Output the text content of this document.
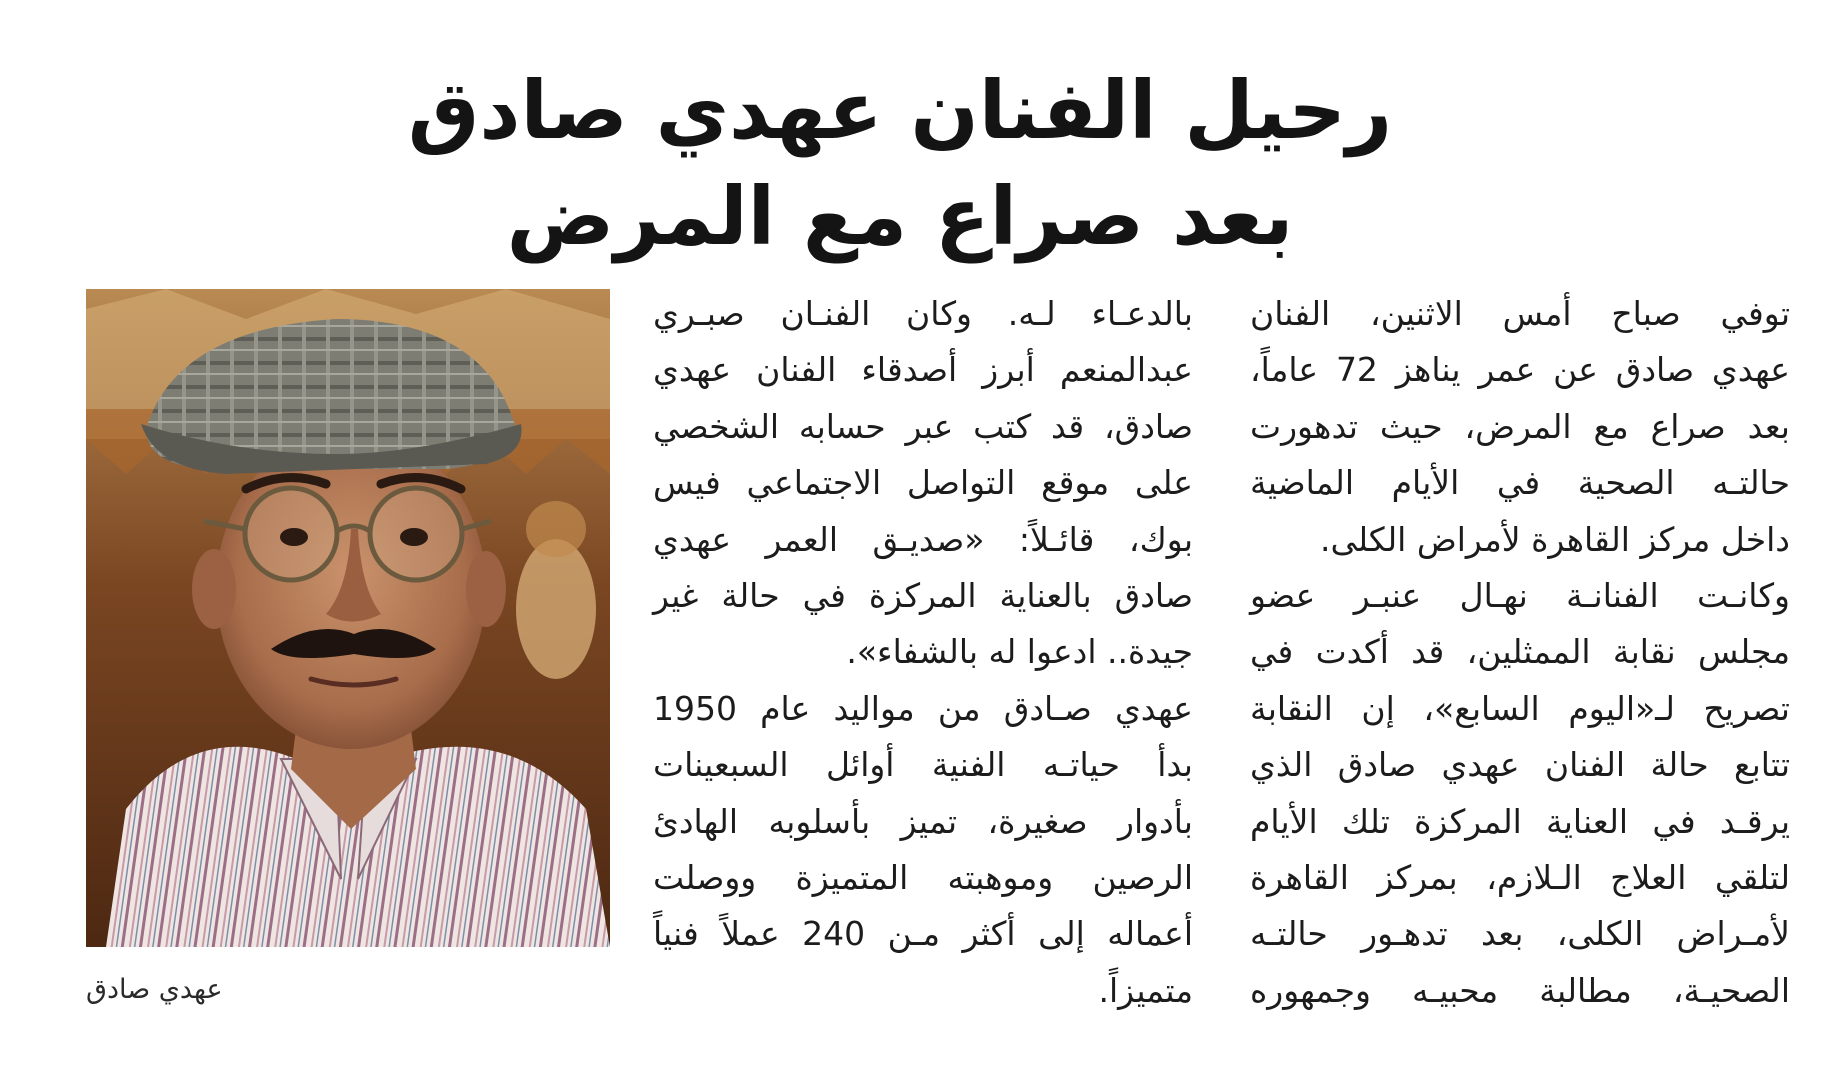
رحيل الفنان عهدي صادق
بعد صراع مع المرض
توفي صباح أمس الاثنين، الفنان
عهدي صادق عن عمر يناهز 72 عاماً،
بعد صراع مع المرض، حيث تدهورت
حالتـه الصحية في الأيام الماضية
داخل مركز القاهرة لأمراض الكلى.
وكانـت الفنانـة نهـال عنبـر عضو
مجلس نقابة الممثلين، قد أكدت في
تصريح لـ«اليوم السابع»، إن النقابة
تتابع حالة الفنان عهدي صادق الذي
يرقـد في العناية المركزة تلك الأيام
لتلقي العلاج الـلازم، بمركز القاهرة
لأمـراض الكلى، بعد تدهـور حالتـه
الصحيـة، مطالبة محبيـه وجمهوره
بالدعـاء لـه. وكان الفنـان صبـري
عبدالمنعم أبرز أصدقاء الفنان عهدي
صادق، قد كتب عبر حسابه الشخصي
على موقع التواصل الاجتماعي فيس
بوك، قائـلاً: «صديـق العمر عهدي
صادق بالعناية المركزة في حالة غير
جيدة.. ادعوا له بالشفاء».
عهدي صـادق من مواليد عام 1950
بدأ حياتـه الفنية أوائل السبعينات
بأدوار صغيرة، تميز بأسلوبه الهادئ
الرصين وموهبته المتميزة ووصلت
أعماله إلى أكثر مـن 240 عملاً فنياً
متميزاً.
عهدي صادق
